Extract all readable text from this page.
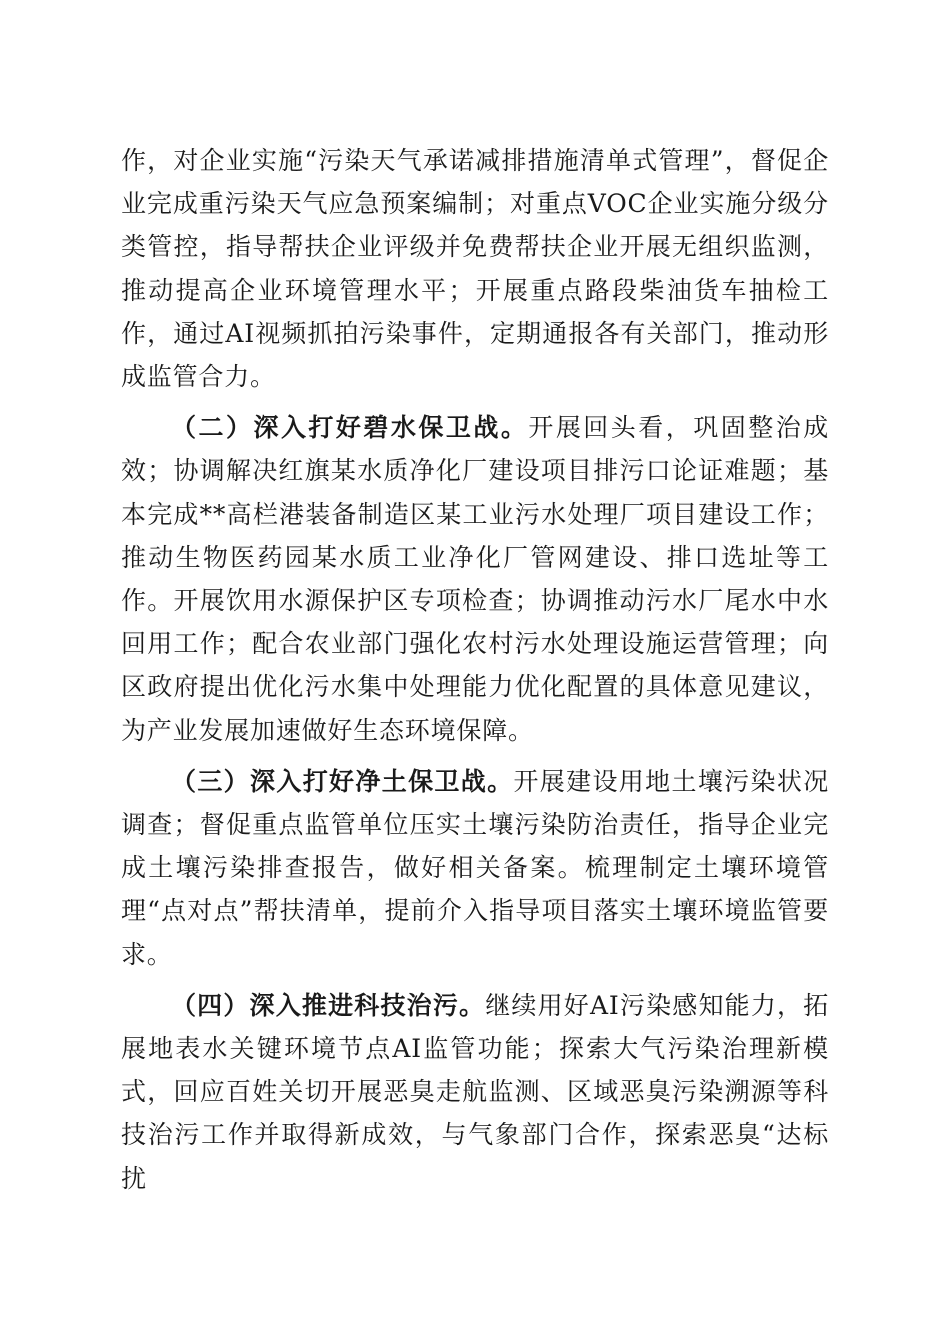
作，对企业实施“污染天气承诺减排措施清单式管理”，督促企业完成重污染天气应急预案编制；对重点VOC企业实施分级分类管控，指导帮扶企业评级并免费帮扶企业开展无组织监测，推动提高企业环境管理水平；开展重点路段柴油货车抽检工作，通过AI视频抓拍污染事件，定期通报各有关部门，推动形成监管合力。

（二）深入打好碧水保卫战。开展回头看，巩固整治成效；协调解决红旗某水质净化厂建设项目排污口论证难题；基本完成**高栏港装备制造区某工业污水处理厂项目建设工作；推动生物医药园某水质工业净化厂管网建设、排口选址等工作。开展饮用水源保护区专项检查；协调推动污水厂尾水中水回用工作；配合农业部门强化农村污水处理设施运营管理；向区政府提出优化污水集中处理能力优化配置的具体意见建议，为产业发展加速做好生态环境保障。

（三）深入打好净土保卫战。开展建设用地土壤污染状况调查；督促重点监管单位压实土壤污染防治责任，指导企业完成土壤污染排查报告，做好相关备案。梳理制定土壤环境管理“点对点”帮扶清单，提前介入指导项目落实土壤环境监管要求。

（四）深入推进科技治污。继续用好AI污染感知能力，拓展地表水关键环境节点AI监管功能；探索大气污染治理新模式，回应百姓关切开展恶臭走航监测、区域恶臭污染溯源等科技治污工作并取得新成效，与气象部门合作，探索恶臭“达标扰
